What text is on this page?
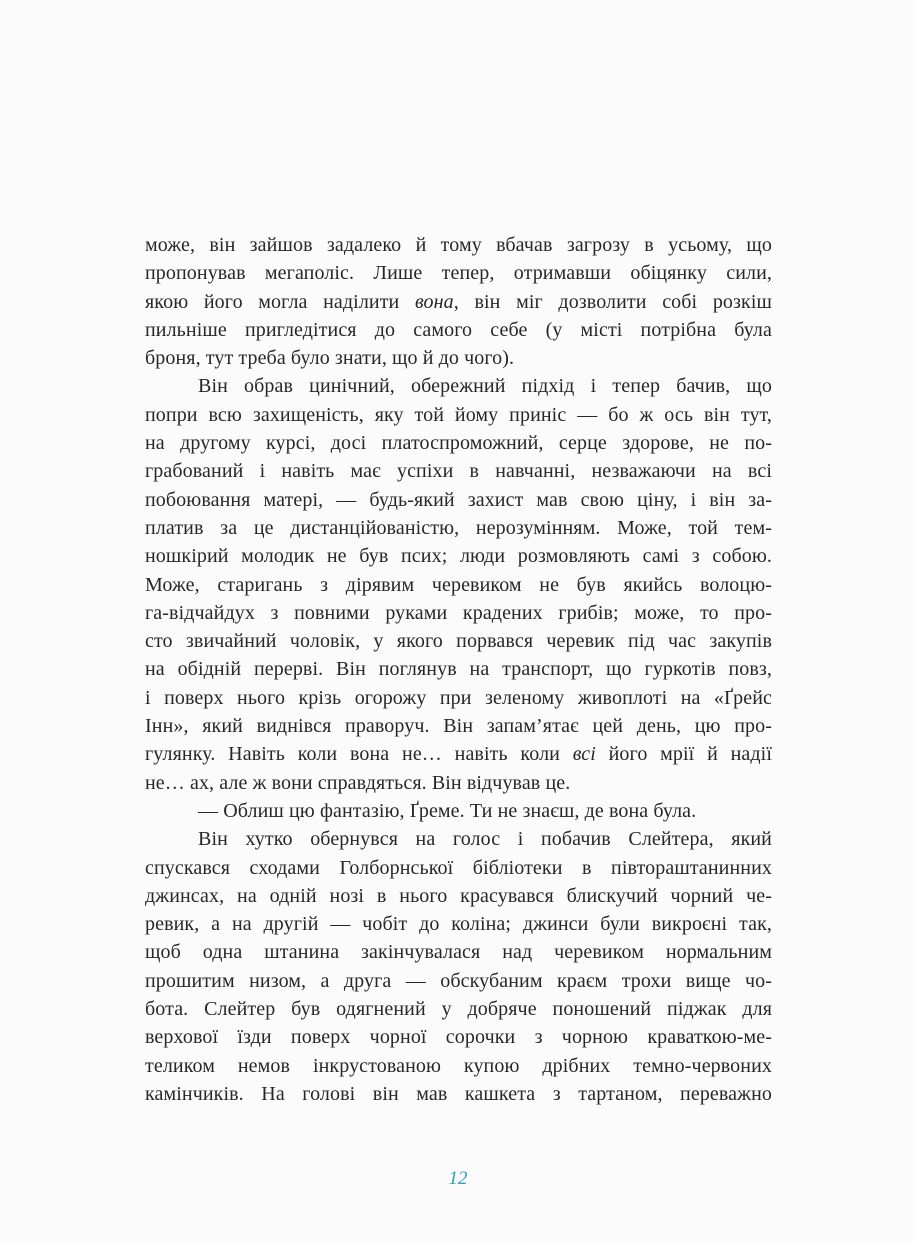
може, він зайшов задалеко й тому вбачав загрозу в усьому, що
пропонував мегаполіс. Лише тепер, отримавши обіцянку сили,
якою його могла наділити вона, він міг дозволити собі розкіш
пильніше пригледітися до самого себе (у місті потрібна була
броня, тут треба було знати, що й до чого).
Він обрав цинічний, обережний підхід і тепер бачив, що
попри всю захищеність, яку той йому приніс — бо ж ось він тут,
на другому курсі, досі платоспроможний, серце здорове, не по-
грабований і навіть має успіхи в навчанні, незважаючи на всі
побоювання матері, — будь-який захист мав свою ціну, і він за-
платив за це дистанційованістю, нерозумінням. Може, той тем-
ношкірий молодик не був псих; люди розмовляють самі з собою.
Може, старигань з дірявим черевиком не був якийсь волоцю-
га-відчайдух з повними руками крадених грибів; може, то про-
сто звичайний чоловік, у якого порвався черевик під час закупів
на обідній перерві. Він поглянув на транспорт, що гуркотів повз,
і поверх нього крізь огорожу при зеленому живоплоті на «Ґрейс
Інн», який виднівся праворуч. Він запам’ятає цей день, цю про-
гулянку. Навіть коли вона не… навіть коли всі його мрії й надії
не… ах, але ж вони справдяться. Він відчував це.
— Облиш цю фантазію, Ґреме. Ти не знаєш, де вона була.
Він хутко обернувся на голос і побачив Слейтера, який
спускався сходами Голборнської бібліотеки в півтораштанинних
джинсах, на одній нозі в нього красувався блискучий чорний че-
ревик, а на другій — чобіт до коліна; джинси були викроєні так,
щоб одна штанина закінчувалася над черевиком нормальним
прошитим низом, а друга — обскубаним краєм трохи вище чо-
бота. Слейтер був одягнений у добряче поношений піджак для
верхової їзди поверх чорної сорочки з чорною краваткою-ме-
теликом немов інкрустованою купою дрібних темно-червоних
камінчиків. На голові він мав кашкета з тартаном, переважно
12
